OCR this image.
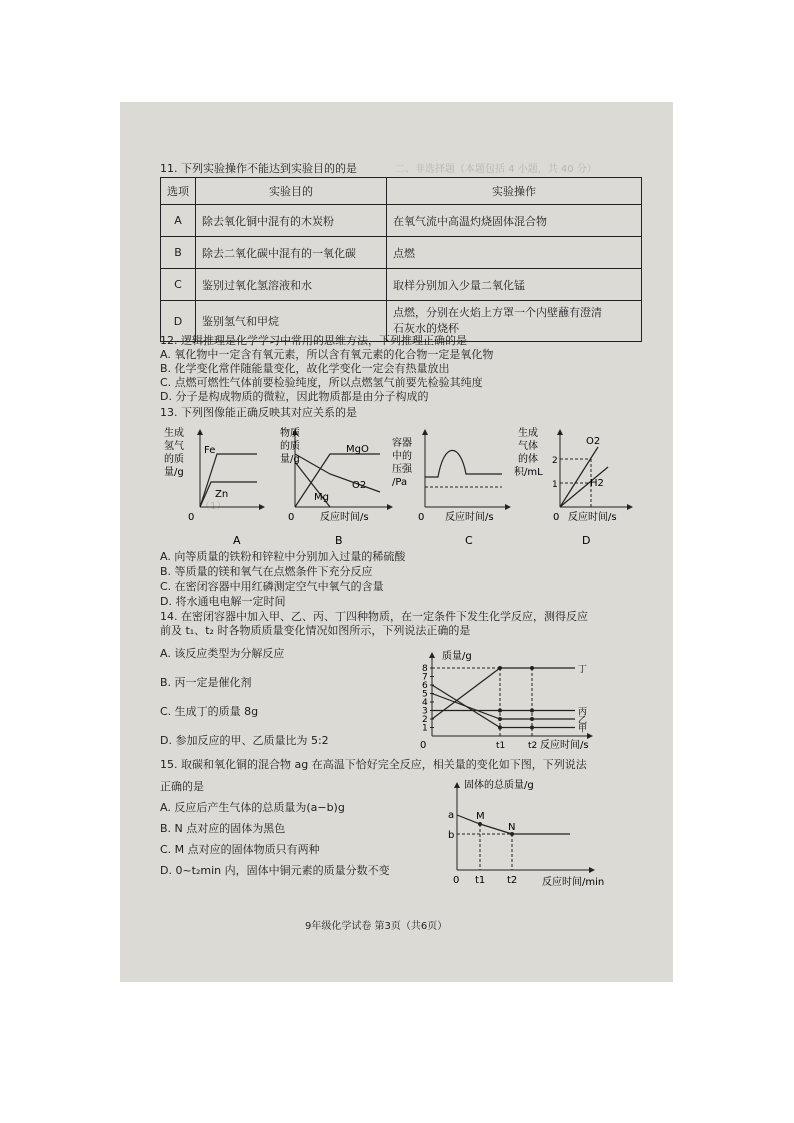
二、非选择题（本题包括 4 小题，共 40 分）
（1）
11. 下列实验操作不能达到实验目的的是
选项	实验目的	实验操作
A	除去氧化铜中混有的木炭粉	在氧气流中高温灼烧固体混合物
B	除去二氧化碳中混有的一氧化碳	点燃
C	鉴别过氧化氢溶液和水	取样分别加入少量二氧化锰
D	鉴别氢气和甲烷	点燃，分别在火焰上方罩一个内壁蘸有澄清
石灰水的烧杯
12. 逻辑推理是化学学习中常用的思维方法，下列推理正确的是
A. 氧化物中一定含有氧元素，所以含有氧元素的化合物一定是氧化物
B. 化学变化常伴随能量变化，故化学变化一定会有热量放出
C. 点燃可燃性气体前要检验纯度，所以点燃氢气前要先检验其纯度
D. 分子是构成物质的微粒，因此物质都是由分子构成的
13. 下列图像能正确反映其对应关系的是
生成
氢气
的质
量/g
Fe
Zn
0
A
物质
的质
量/g
MgO
O2
Mg
0	反应时间/s
B
容器
中的
压强
/Pa
0 反应时间/s
C
生成
气体
的体
积/mL
2
1
O2
H2
0 反应时间/s
D
质量/g
反应时间/s
0
1
2
3
4
5
6
7
8
t1	t2
丁
丙
乙
甲
固体的总质量/g
a
b
M
N
0 t1 t2 反应时间/min
A. 向等质量的铁粉和锌粒中分别加入过量的稀硫酸
B. 等质量的镁和氧气在点燃条件下充分反应
C. 在密闭容器中用红磷测定空气中氧气的含量
D. 将水通电电解一定时间
14. 在密闭容器中加入甲、乙、丙、丁四种物质，在一定条件下发生化学反应，测得反应
前及 t₁、t₂ 时各物质质量变化情况如图所示，下列说法正确的是
A. 该反应类型为分解反应
B. 丙一定是催化剂
C. 生成丁的质量 8g
D. 参加反应的甲、乙质量比为 5:2
15. 取碳和氧化铜的混合物 ag 在高温下恰好完全反应，相关量的变化如下图，下列说法
正确的是
A. 反应后产生气体的总质量为(a−b)g
B. N 点对应的固体为黑色
C. M 点对应的固体物质只有两种
D. 0~t₂min 内，固体中铜元素的质量分数不变
9年级化学试卷 第3页（共6页）
